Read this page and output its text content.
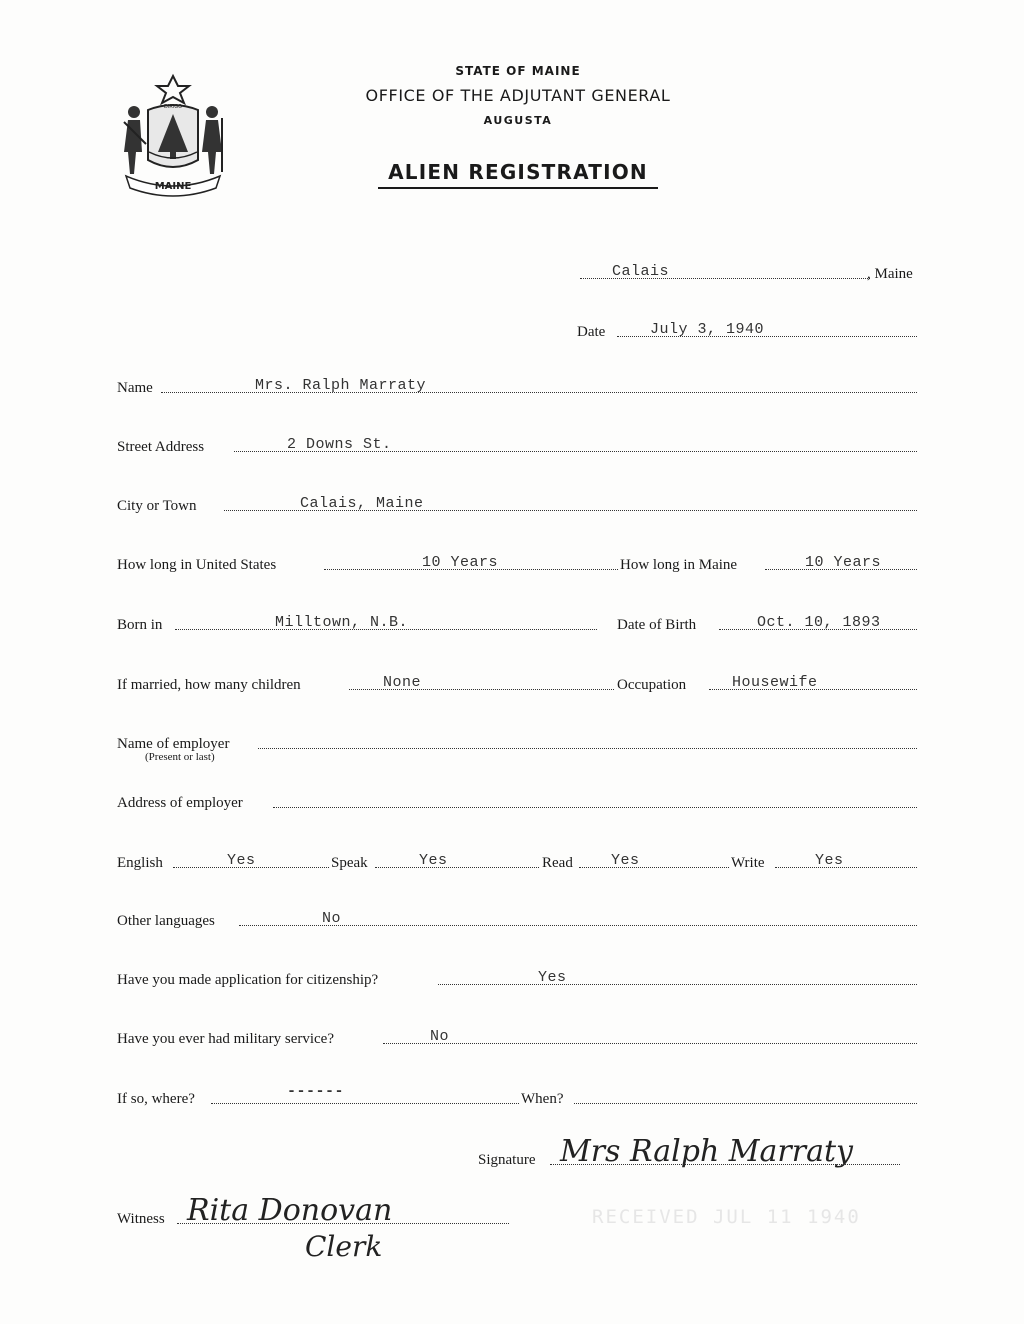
MAINE
DIRIGO
STATE OF MAINE
OFFICE OF THE ADJUTANT GENERAL
AUGUSTA
ALIEN REGISTRATION
Calais	, Maine
Date	July 3, 1940
Name	Mrs. Ralph Marraty
Street Address	2 Downs St.
City or Town	Calais, Maine
How long in United States	10 Years	How long in Maine	10 Years
Born in	Milltown, N.B.	Date of Birth	Oct. 10, 1893
If married, how many children	None	Occupation	Housewife
Name of employer
(Present or last)
Address of employer
English	Yes	Speak	Yes	Read	Yes	Write	Yes
Other languages	No
Have you made application for citizenship?	Yes
Have you ever had military service?	No
If so, where?	------	When?
Signature Mrs Ralph Marraty
Witness Rita Donovan
Clerk
RECEIVED JUL 11 1940
